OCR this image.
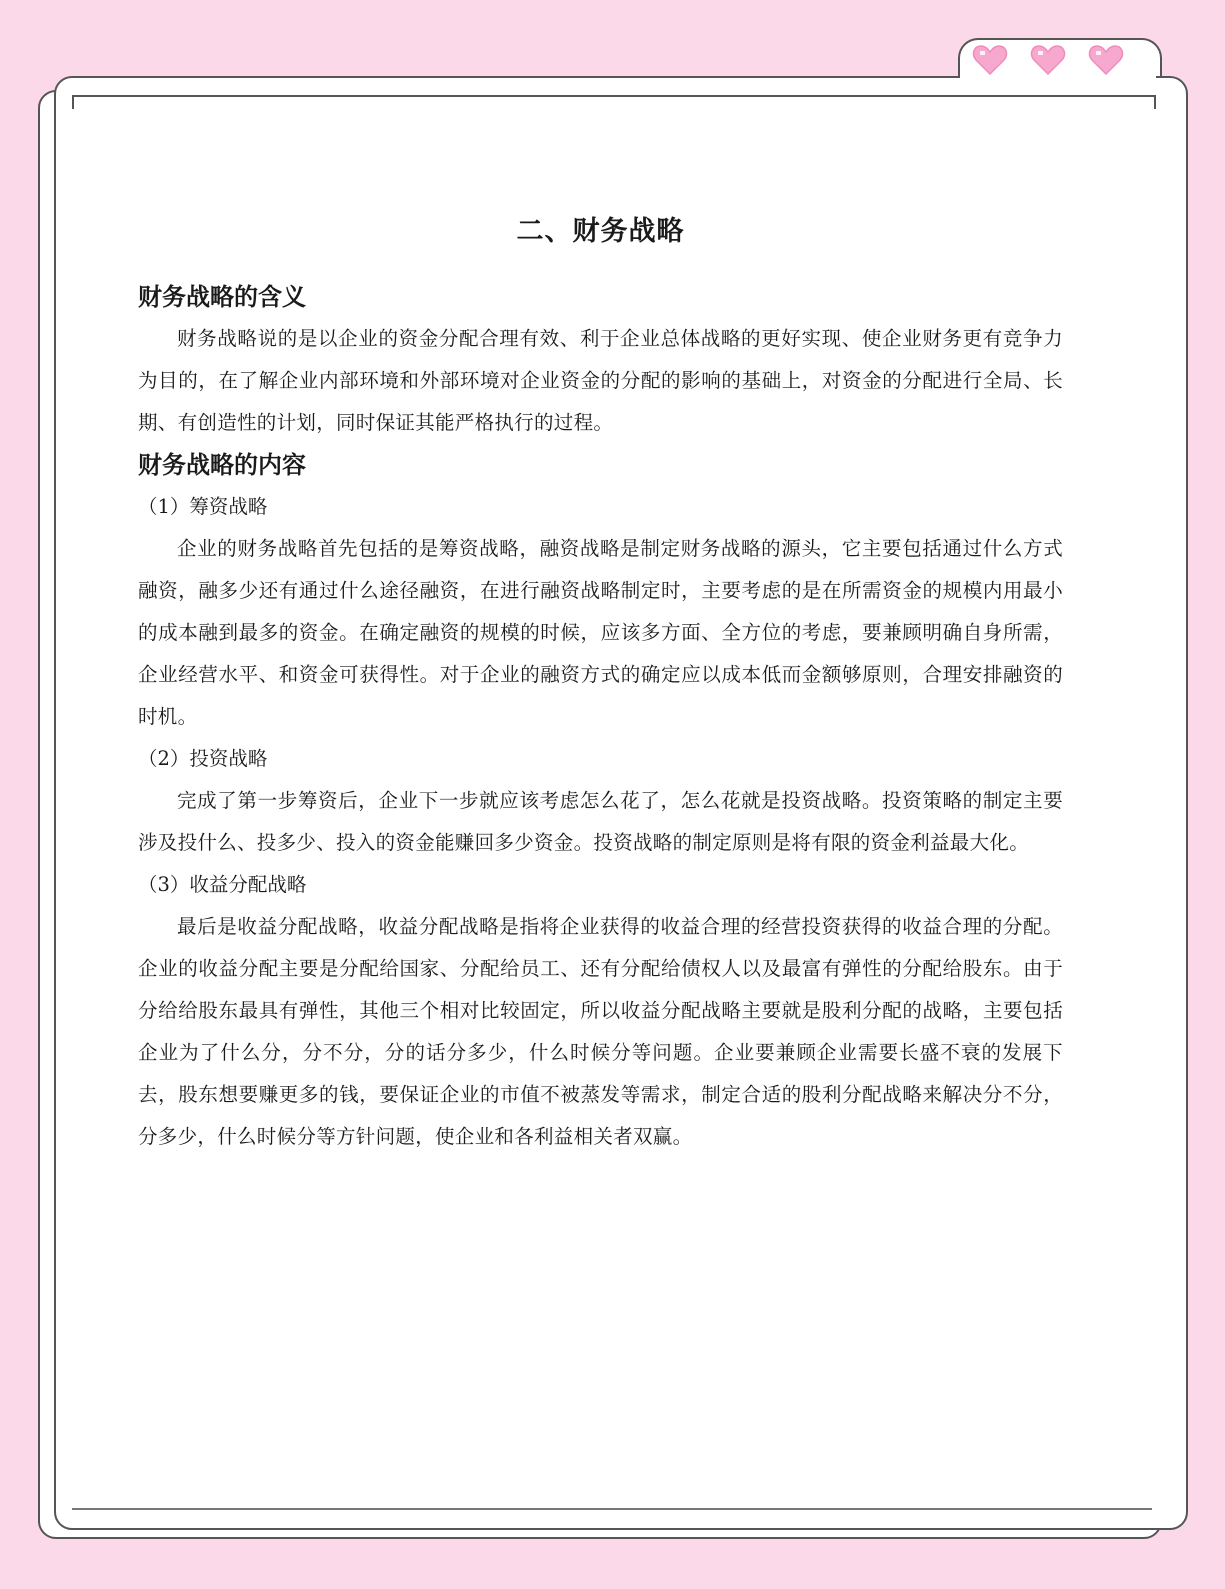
二、财务战略
财务战略的含义

财务战略说的是以企业的资金分配合理有效、利于企业总体战略的更好实现、使企业财务更有竞争力为目的，在了解企业内部环境和外部环境对企业资金的分配的影响的基础上，对资金的分配进行全局、长期、有创造性的计划，同时保证其能严格执行的过程。

财务战略的内容
（1）筹资战略

企业的财务战略首先包括的是筹资战略，融资战略是制定财务战略的源头，它主要包括通过什么方式融资，融多少还有通过什么途径融资，在进行融资战略制定时，主要考虑的是在所需资金的规模内用最小的成本融到最多的资金。在确定融资的规模的时候，应该多方面、全方位的考虑，要兼顾明确自身所需，企业经营水平、和资金可获得性。对于企业的融资方式的确定应以成本低而金额够原则，合理安排融资的时机。

（2）投资战略

完成了第一步筹资后，企业下一步就应该考虑怎么花了，怎么花就是投资战略。投资策略的制定主要涉及投什么、投多少、投入的资金能赚回多少资金。投资战略的制定原则是将有限的资金利益最大化。

（3）收益分配战略

最后是收益分配战略，收益分配战略是指将企业获得的收益合理的经营投资获得的收益合理的分配。企业的收益分配主要是分配给国家、分配给员工、还有分配给债权人以及最富有弹性的分配给股东。由于分给给股东最具有弹性，其他三个相对比较固定，所以收益分配战略主要就是股利分配的战略，主要包括企业为了什么分，分不分，分的话分多少，什么时候分等问题。企业要兼顾企业需要长盛不衰的发展下去，股东想要赚更多的钱，要保证企业的市值不被蒸发等需求，制定合适的股利分配战略来解决分不分，分多少，什么时候分等方针问题，使企业和各利益相关者双赢。
